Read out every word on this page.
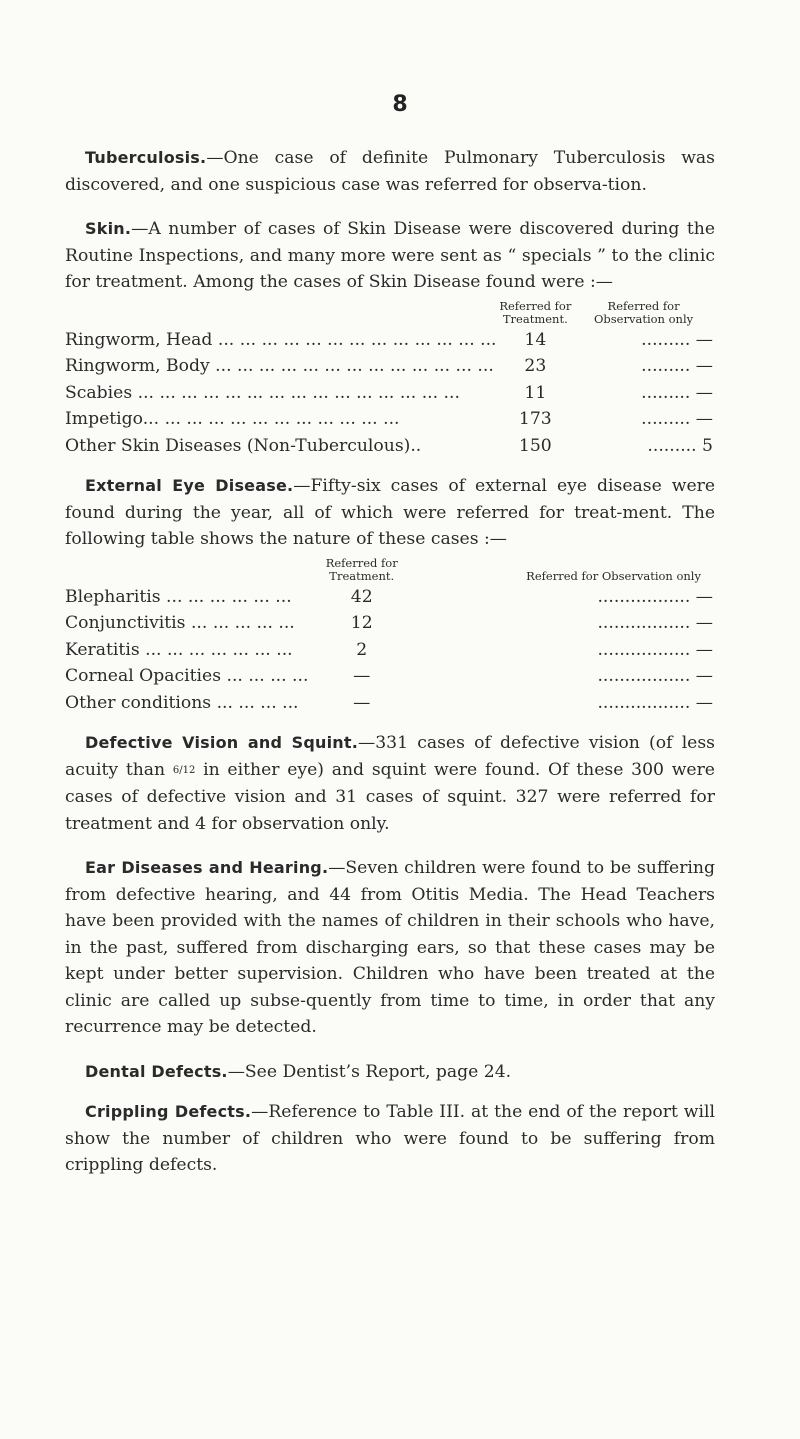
8

Tuberculosis.—One case of definite Pulmonary Tuberculosis was discovered, and one suspicious case was referred for observa-tion.

Skin.—A number of cases of Skin Disease were discovered during the Routine Inspections, and many more were sent as “ specials ” to the clinic for treatment. Among the cases of Skin Disease found were :—

	Referred for Treatment.	Referred for Observation only
Ringworm, Head ... ... ... ... ... ... ... ... ... ... ... ... ...	14	......... —
Ringworm, Body ... ... ... ... ... ... ... ... ... ... ... ... ...	23	......... —
Scabies ... ... ... ... ... ... ... ... ... ... ... ... ... ... ...	11	......... —
Impetigo... ... ... ... ... ... ... ... ... ... ... ...	173	......... —
Other Skin Diseases (Non-Tuberculous)..	150	......... 5

External Eye Disease.—Fifty-six cases of external eye disease were found during the year, all of which were referred for treat-ment. The following table shows the nature of these cases :—

	Referred for Treatment.	Referred for Observation only
Blepharitis ... ... ... ... ... ...	42	................. —
Conjunctivitis ... ... ... ... ...	12	................. —
Keratitis ... ... ... ... ... ... ...	2	................. —
Corneal Opacities ... ... ... ...	—	................. —
Other conditions ... ... ... ...	—	................. —

Defective Vision and Squint.—331 cases of defective vision (of less acuity than 6/12 in either eye) and squint were found. Of these 300 were cases of defective vision and 31 cases of squint. 327 were referred for treatment and 4 for observation only.

Ear Diseases and Hearing.—Seven children were found to be suffering from defective hearing, and 44 from Otitis Media. The Head Teachers have been provided with the names of children in their schools who have, in the past, suffered from discharging ears, so that these cases may be kept under better supervision. Children who have been treated at the clinic are called up subse-quently from time to time, in order that any recurrence may be detected.

Dental Defects.—See Dentist’s Report, page 24.

Crippling Defects.—Reference to Table III. at the end of the report will show the number of children who were found to be suffering from crippling defects.
